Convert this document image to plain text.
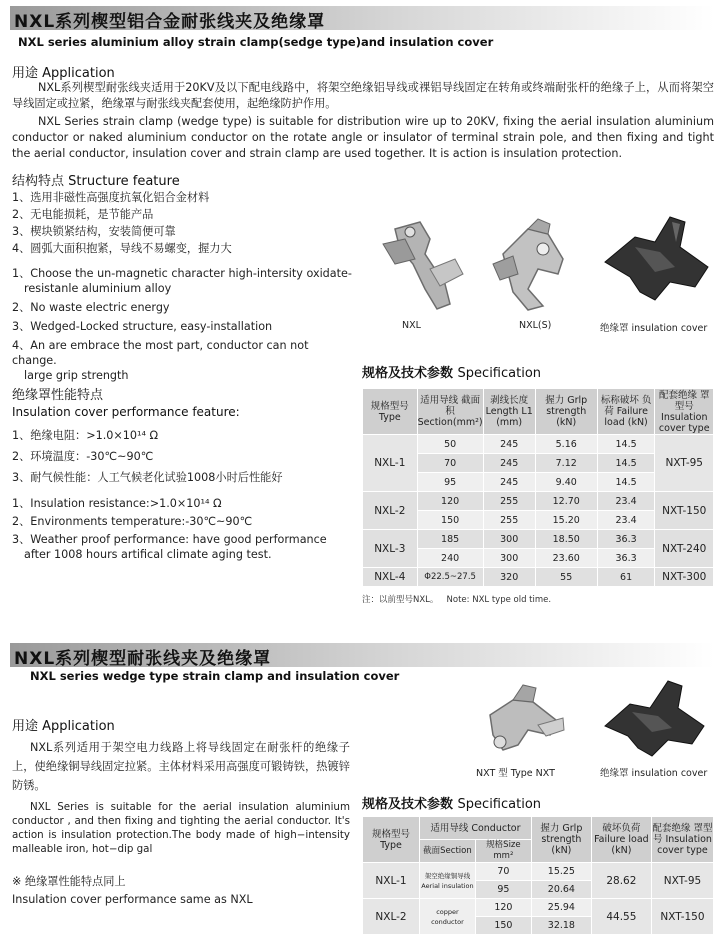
NXL系列楔型铝合金耐张线夹及绝缘罩
NXL series aluminium alloy strain clamp(sedge type)and insulation cover
用途 Application
NXL系列楔型耐张线夹适用于20KV及以下配电线路中，将架空绝缘铝导线或裸铝导线固定在转角或终端耐张杆的绝缘子上，从而将架空导线固定或拉紧，绝缘罩与耐张线夹配套使用，起绝缘防护作用。
NXL Series strain clamp (wedge type) is suitable for distribution wire up to 20KV, fixing the aerial insulation aluminium conductor or naked aluminium conductor on the rotate angle or insulator of terminal strain pole, and then fixing and tight the aerial conductor, insulation cover and strain clamp are used together. It is action is insulation protection.
结构特点 Structure feature
1、选用非磁性高强度抗氧化铝合金材料
2、无电能损耗，是节能产品
3、楔块锁紧结构，安装简便可靠
4、圆弧大面积抱紧，导线不易螺变，握力大
1、Choose the un-magnetic character high-intersity oxidate-
resistanle aluminium alloy
2、No waste electric energy
3、Wedged-Locked structure, easy-installation
4、An are embrace the most part, conductor can not change.
large grip strength
绝缘罩性能特点
Insulation cover performance feature:
1、绝缘电阻：>1.0×10¹⁴ Ω
2、环境温度：-30℃~90℃
3、耐气候性能：人工气候老化试验1008小时后性能好
1、Insulation resistance:>1.0×10¹⁴ Ω
2、Environments temperature:-30℃~90℃
3、Weather proof performance: have good performance
after 1008 hours artifical climate aging test.
NXL	NXL(S)	绝缘罩 insulation cover
规格及技术参数 Specification
规格型号 Type	适用导线 截面积 Section(mm²)	剥线长度 Length L1 (mm)	握力 Grlp strength (kN)	标称破坏 负荷 Failure load (kN)	配套绝缘 罩型号 Insulation cover type
NXL-1	50	245	5.16	14.5	NXT-95
	70	245	7.12	14.5	
	95	245	9.40	14.5	
NXL-2	120	255	12.70	23.4	NXT-150
	150	255	15.20	23.4	
NXL-3	185	300	18.50	36.3	NXT-240
	240	300	23.60	36.3	
NXL-4	Φ22.5~27.5	320	55	61	NXT-300
注：以前型号NXL。 Note: NXL type old time.
NXL系列楔型耐张线夹及绝缘罩
NXL series wedge type strain clamp and insulation cover
用途 Application
NXL系列适用于架空电力线路上将导线固定在耐张杆的绝缘子上，使绝缘铜导线固定拉紧。主体材料采用高强度可锻铸铁，热镀锌防锈。
NXL Series is suitable for the aerial insulation aluminium conductor , and then fixing and tighting the aerial conductor. It's action is insulation protection.The body made of high−intensity malleable iron, hot−dip gal
※ 绝缘罩性能特点同上
Insulation cover performance same as NXL
NXT 型 Type NXT	绝缘罩 insulation cover
规格及技术参数 Specification
规格型号 Type	适用导线 Conductor		握力 Grlp strength (kN)	破坏负荷 Failure load (kN)	配套绝缘 罩型号 Insulation cover type
	截面Section	规格Size mm²			
NXL-1	架空绝缘铜导线 Aerial insulation	70	15.25	28.62	NXT-95
		95	20.64		
NXL-2	copper conductor	120	25.94	44.55	NXT-150
		150	32.18		
